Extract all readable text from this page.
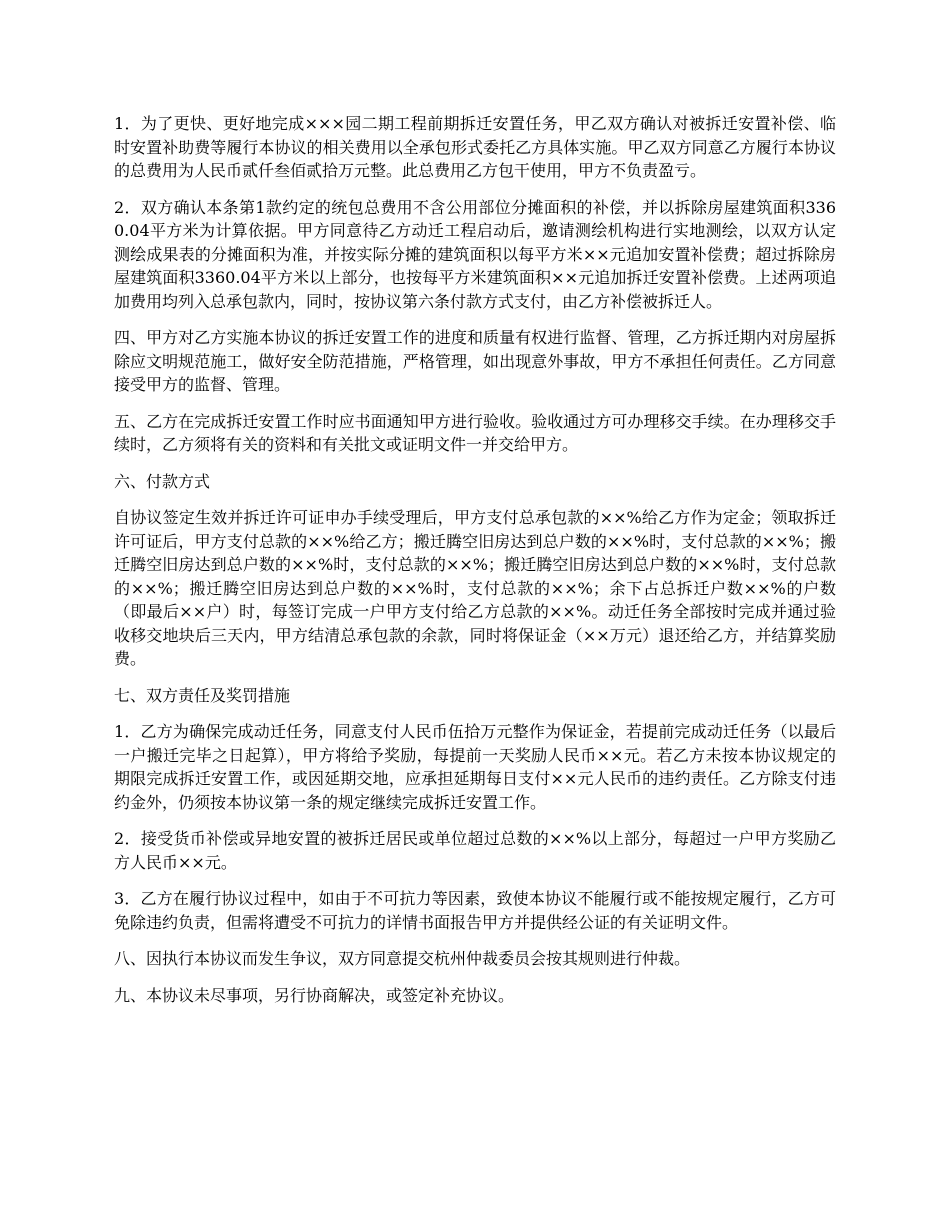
1．为了更快、更好地完成×××园二期工程前期拆迁安置任务，甲乙双方确认对被拆迁安置补偿、临时安置补助费等履行本协议的相关费用以全承包形式委托乙方具体实施。甲乙双方同意乙方履行本协议的总费用为人民币贰仟叁佰贰拾万元整。此总费用乙方包干使用，甲方不负责盈亏。

2．双方确认本条第1款约定的统包总费用不含公用部位分摊面积的补偿，并以拆除房屋建筑面积3360.04平方米为计算依据。甲方同意待乙方动迁工程启动后，邀请测绘机构进行实地测绘，以双方认定测绘成果表的分摊面积为准，并按实际分摊的建筑面积以每平方米××元追加安置补偿费；超过拆除房屋建筑面积3360.04平方米以上部分，也按每平方米建筑面积××元追加拆迁安置补偿费。上述两项追加费用均列入总承包款内，同时，按协议第六条付款方式支付，由乙方补偿被拆迁人。

四、甲方对乙方实施本协议的拆迁安置工作的进度和质量有权进行监督、管理，乙方拆迁期内对房屋拆除应文明规范施工，做好安全防范措施，严格管理，如出现意外事故，甲方不承担任何责任。乙方同意接受甲方的监督、管理。

五、乙方在完成拆迁安置工作时应书面通知甲方进行验收。验收通过方可办理移交手续。在办理移交手续时，乙方须将有关的资料和有关批文或证明文件一并交给甲方。

六、付款方式

自协议签定生效并拆迁许可证申办手续受理后，甲方支付总承包款的××%给乙方作为定金；领取拆迁许可证后，甲方支付总款的××%给乙方；搬迁腾空旧房达到总户数的××%时，支付总款的××%；搬迁腾空旧房达到总户数的××%时，支付总款的××%；搬迁腾空旧房达到总户数的××%时，支付总款的××%；搬迁腾空旧房达到总户数的××%时，支付总款的××%；余下占总拆迁户数××%的户数（即最后××户）时，每签订完成一户甲方支付给乙方总款的××%。动迁任务全部按时完成并通过验收移交地块后三天内，甲方结清总承包款的余款，同时将保证金（××万元）退还给乙方，并结算奖励费。

七、双方责任及奖罚措施

1．乙方为确保完成动迁任务，同意支付人民币伍拾万元整作为保证金，若提前完成动迁任务（以最后一户搬迁完毕之日起算），甲方将给予奖励，每提前一天奖励人民币××元。若乙方未按本协议规定的期限完成拆迁安置工作，或因延期交地，应承担延期每日支付××元人民币的违约责任。乙方除支付违约金外，仍须按本协议第一条的规定继续完成拆迁安置工作。

2．接受货币补偿或异地安置的被拆迁居民或单位超过总数的××%以上部分，每超过一户甲方奖励乙方人民币××元。

3．乙方在履行协议过程中，如由于不可抗力等因素，致使本协议不能履行或不能按规定履行，乙方可免除违约负责，但需将遭受不可抗力的详情书面报告甲方并提供经公证的有关证明文件。

八、因执行本协议而发生争议，双方同意提交杭州仲裁委员会按其规则进行仲裁。

九、本协议未尽事项，另行协商解决，或签定补充协议。
